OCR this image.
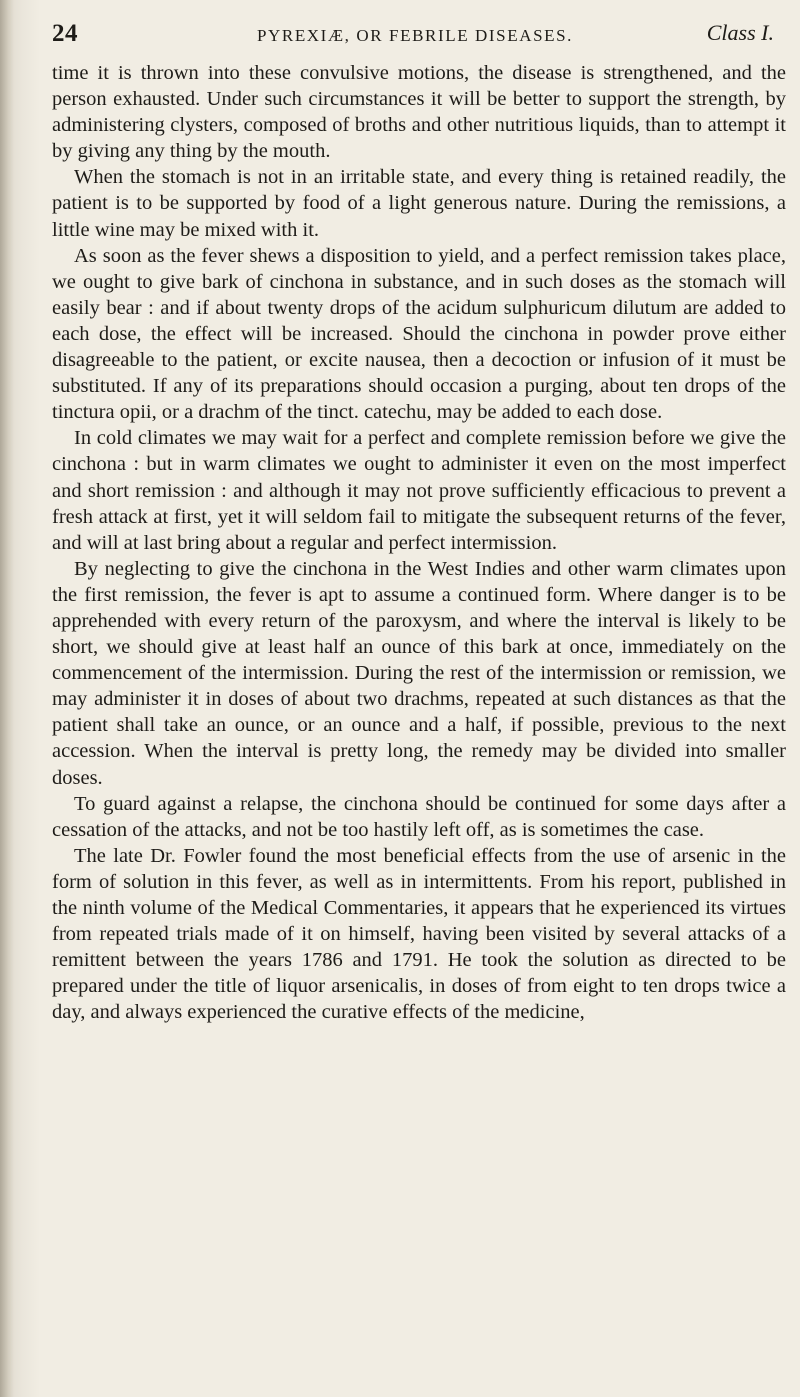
24	PYREXIÆ, OR FEBRILE DISEASES.	Class I.

time it is thrown into these convulsive motions, the disease is strengthened, and the person exhausted. Under such circumstances it will be better to support the strength, by administering clysters, composed of broths and other nutritious liquids, than to attempt it by giving any thing by the mouth.

When the stomach is not in an irritable state, and every thing is retained readily, the patient is to be supported by food of a light generous nature. During the remissions, a little wine may be mixed with it.

As soon as the fever shews a disposition to yield, and a perfect remission takes place, we ought to give bark of cinchona in substance, and in such doses as the stomach will easily bear : and if about twenty drops of the acidum sulphuricum dilutum are added to each dose, the effect will be increased. Should the cinchona in powder prove either disagreeable to the patient, or excite nausea, then a decoction or infusion of it must be substituted. If any of its preparations should occasion a purging, about ten drops of the tinctura opii, or a drachm of the tinct. catechu, may be added to each dose.

In cold climates we may wait for a perfect and complete remission before we give the cinchona : but in warm climates we ought to administer it even on the most imperfect and short remission : and although it may not prove sufficiently efficacious to prevent a fresh attack at first, yet it will seldom fail to mitigate the subsequent returns of the fever, and will at last bring about a regular and perfect intermission.

By neglecting to give the cinchona in the West Indies and other warm climates upon the first remission, the fever is apt to assume a continued form. Where danger is to be apprehended with every return of the paroxysm, and where the interval is likely to be short, we should give at least half an ounce of this bark at once, immediately on the commencement of the intermission. During the rest of the intermission or remission, we may administer it in doses of about two drachms, repeated at such distances as that the patient shall take an ounce, or an ounce and a half, if possible, previous to the next accession. When the interval is pretty long, the remedy may be divided into smaller doses.

To guard against a relapse, the cinchona should be continued for some days after a cessation of the attacks, and not be too hastily left off, as is sometimes the case.

The late Dr. Fowler found the most beneficial effects from the use of arsenic in the form of solution in this fever, as well as in intermittents. From his report, published in the ninth volume of the Medical Commentaries, it appears that he experienced its virtues from repeated trials made of it on himself, having been visited by several attacks of a remittent between the years 1786 and 1791. He took the solution as directed to be prepared under the title of liquor arsenicalis, in doses of from eight to ten drops twice a day, and always experienced the curative effects of the medicine,
